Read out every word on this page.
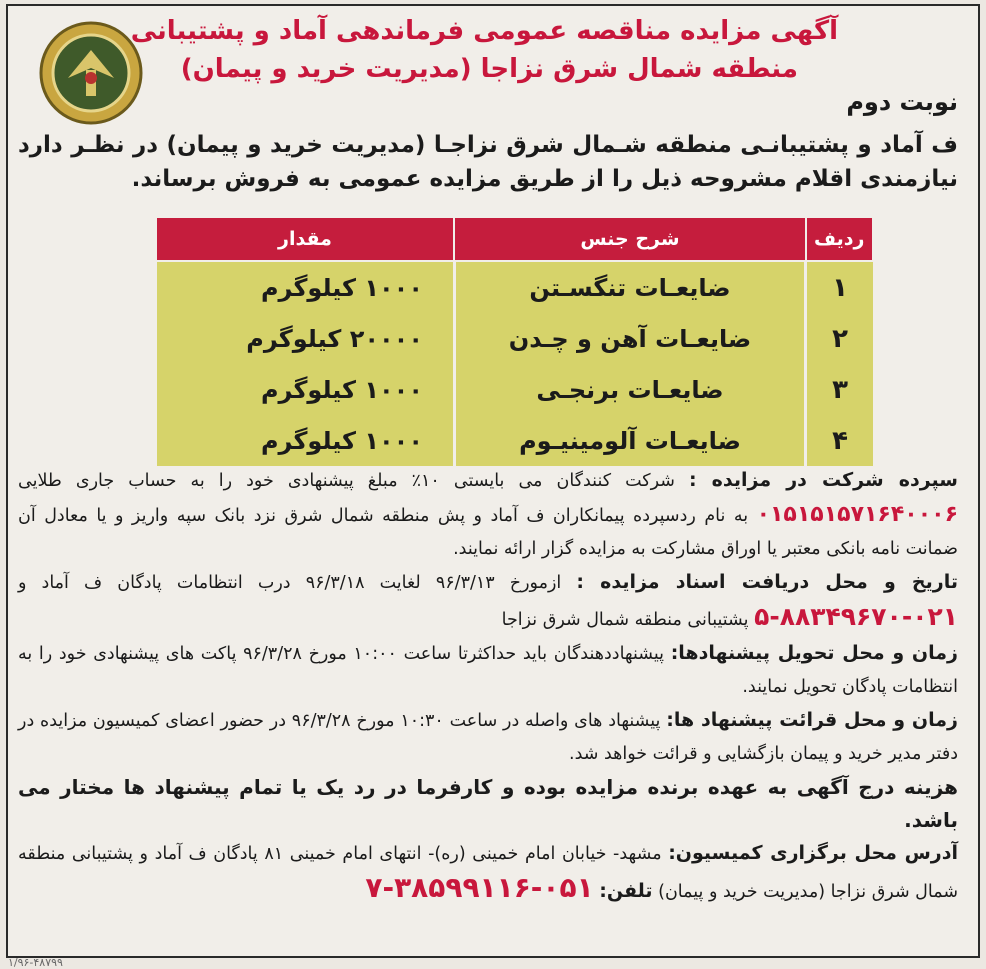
آگهی مزایده مناقصه عمومی فرماندهی آماد و پشتیبانی
منطقه شمال شرق نزاجا (مدیریت خرید و پیمان)
نوبت دوم
ف آماد و پشتیبانـی منطقه شـمال شرق نزاجـا (مدیریت خرید و پیمان) در نظـر دارد نیازمندی اقلام مشروحه ذیل را از طریق مزایده عمومی به فروش برساند.
ردیف	شرح جنس	مقدار
۱	ضایعـات تنگسـتن	۱۰۰۰ کیلوگرم
۲	ضایعـات آهن و چـدن	۲۰۰۰۰ کیلوگرم
۳	ضایعـات برنجـی	۱۰۰۰ کیلوگرم
۴	ضایعـات آلومینیـوم	۱۰۰۰ کیلوگرم

سپرده شرکت در مزایده : شرکت کنندگان می بایستی ۱۰٪ مبلغ پیشنهادی خود را به حساب جاری طلایی ۰۱۵۱۵۱۵۷۱۶۴۰۰۰۶ به نام ردسپرده پیمانکاران ف آماد و پش منطقه شمال شرق نزد بانک سپه واریز و یا معادل آن ضمانت نامه بانکی معتبر یا اوراق مشارکت به مزایده گزار ارائه نمایند.

تاریخ و محل دریافت اسناد مزایده : ازمورخ ۹۶/۳/۱۳ لغایت ۹۶/۳/۱۸ درب انتظامات پادگان ف آماد و ۰۲۱-۸۸۳۴۹۶۷۰-۵ پشتیبانی منطقه شمال شرق نزاجا

زمان و محل تحویل پیشنهادها: پیشنهاددهندگان باید حداکثرتا ساعت ۱۰:۰۰ مورخ ۹۶/۳/۲۸ پاکت های پیشنهادی خود را به انتظامات پادگان تحویل نمایند.

زمان و محل قرائت پیشنهاد ها: پیشنهاد های واصله در ساعت ۱۰:۳۰ مورخ ۹۶/۳/۲۸ در حضور اعضای کمیسیون مزایده در دفتر مدیر خرید و پیمان بازگشایی و قرائت خواهد شد.

هزینه درج آگهی به عهده برنده مزایده بوده و کارفرما در رد یک یا تمام پیشنهاد ها مختار می باشد.

آدرس محل برگزاری کمیسیون: مشهد- خیابان امام خمینی (ره)- انتهای امام خمینی ۸۱ پادگان ف آماد و پشتیبانی منطقه شمال شرق نزاجا (مدیریت خرید و پیمان) تلفن: ۰۵۱-۳۸۵۹۹۱۱۶-۷

۱/۹۶-۴۸۷۹۹
